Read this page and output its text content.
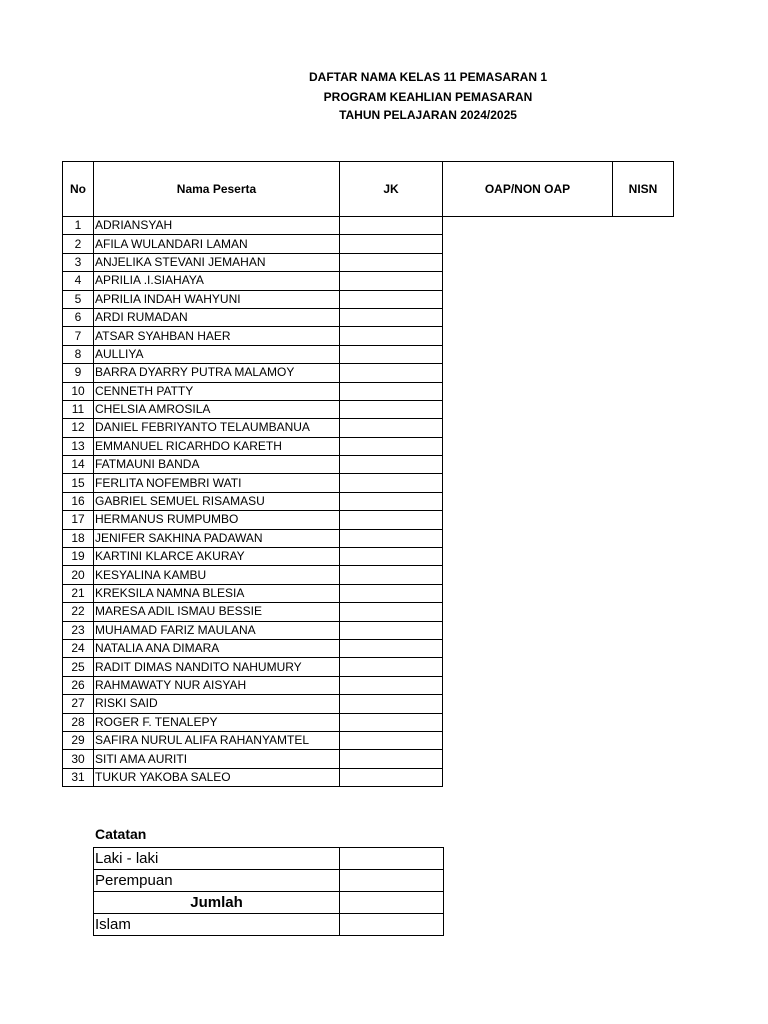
DAFTAR NAMA KELAS 11 PEMASARAN 1
PROGRAM KEAHLIAN PEMASARAN
TAHUN PELAJARAN 2024/2025
No	Nama Peserta	JK	OAP/NON OAP	NISN
1	ADRIANSYAH			
2	AFILA WULANDARI LAMAN			
3	ANJELIKA STEVANI JEMAHAN			
4	APRILIA .I.SIAHAYA			
5	APRILIA INDAH WAHYUNI			
6	ARDI RUMADAN			
7	ATSAR SYAHBAN HAER			
8	AULLIYA			
9	BARRA DYARRY PUTRA MALAMOY			
10	CENNETH PATTY			
11	CHELSIA AMROSILA			
12	DANIEL FEBRIYANTO TELAUMBANUA			
13	EMMANUEL RICARHDO KARETH			
14	FATMAUNI BANDA			
15	FERLITA NOFEMBRI WATI			
16	GABRIEL SEMUEL RISAMASU			
17	HERMANUS RUMPUMBO			
18	JENIFER SAKHINA PADAWAN			
19	KARTINI KLARCE AKURAY			
20	KESYALINA KAMBU			
21	KREKSILA NAMNA BLESIA			
22	MARESA ADIL ISMAU BESSIE			
23	MUHAMAD FARIZ MAULANA			
24	NATALIA ANA DIMARA			
25	RADIT DIMAS NANDITO NAHUMURY			
26	RAHMAWATY NUR AISYAH			
27	RISKI SAID			
28	ROGER F. TENALEPY			
29	SAFIRA NURUL ALIFA RAHANYAMTEL			
30	SITI AMA AURITI			
31	TUKUR YAKOBA SALEO			
Catatan
Laki - laki	
Perempuan	
Jumlah	
Islam	
